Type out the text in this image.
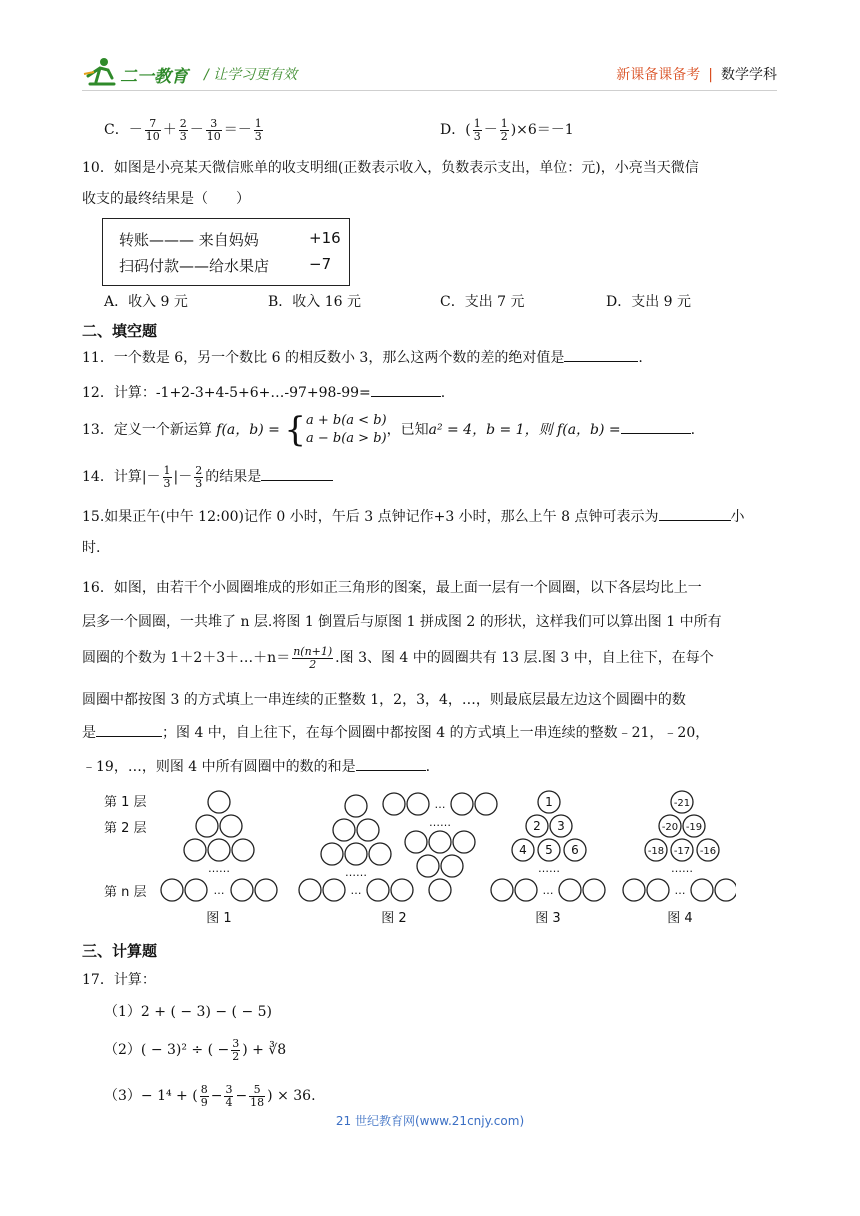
二一教育 / 让学习更有效	新课备课备考 | 数学学科
C．－ $\frac{7}{10} + \frac{2}{3} - \frac{3}{10} =- \frac{1}{3}$	D．( $\frac{1}{3} - \frac{1}{2} )\times 6=-1$
10．如图是小亮某天微信账单的收支明细(正数表示收入，负数表示支出，单位：元)，小亮当天微信
收支的最终结果是（　　）
转账——— 来自妈妈	+16
扫码付款——给水果店	−7
A．收入 9 元	B．收入 16 元	C．支出 7 元	D．支出 9 元
二、填空题
11．一个数是 6，另一个数比 6 的相反数小 3，那么这两个数的差的绝对值是	.
12．计算：-1+2-3+4-5+6+…-97+98-99=	.
13．定义一个新运算 f(a，b) = { a + b(a < b)
a − b(a > b)
，已知a² = 4，b = 1，则 f(a，b) =	.
14．计算|－ $\frac{1}{3}$ |－ $\frac{2}{3}$ 的结果是
15.如果正午(中午 12:00)记作 0 小时，午后 3 点钟记作+3 小时，那么上午 8 点钟可表示为	小
时.
16．如图，由若干个小圆圈堆成的形如正三角形的图案，最上面一层有一个圆圈，以下各层均比上一
层多一个圆圈，一共堆了 n 层.将图 1 倒置后与原图 1 拼成图 2 的形状，这样我们可以算出图 1 中所有
圆圈的个数为 1＋2＋3＋…＋n＝ $\frac{n(n+1)}{2}$ .图 3、图 4 中的圆圈共有 13 层.图 3 中，自上往下，在每个
圆圈中都按图 3 的方式填上一串连续的正整数 1，2，3，4，…，则最底层最左边这个圆圈中的数
是	；图 4 中，自上往下，在每个圆圈中都按图 4 的方式填上一串连续的整数﹣21，﹣20，
﹣19，…，则图 4 中所有圆圈中的数的和是	.
第 1 层
第 2 层
第 n 层
……
…
……
…
…
……
……
…
……
…
1
2 3
4 5 6
-21
-20 -19
-18 -17 -16
图 1	图 2	图 3	图 4
三、计算题
17．计算：
（1）2 + ( − 3) − ( − 5)
（2）( − 3)² ÷ ( − $\frac{3}{2}$ ) + ∛8
（3）− 1⁴ + ( $\frac{8}{9} - \frac{3}{4} - \frac{5}{18}$ ) × 36.
21 世纪教育网(www.21cnjy.com)
